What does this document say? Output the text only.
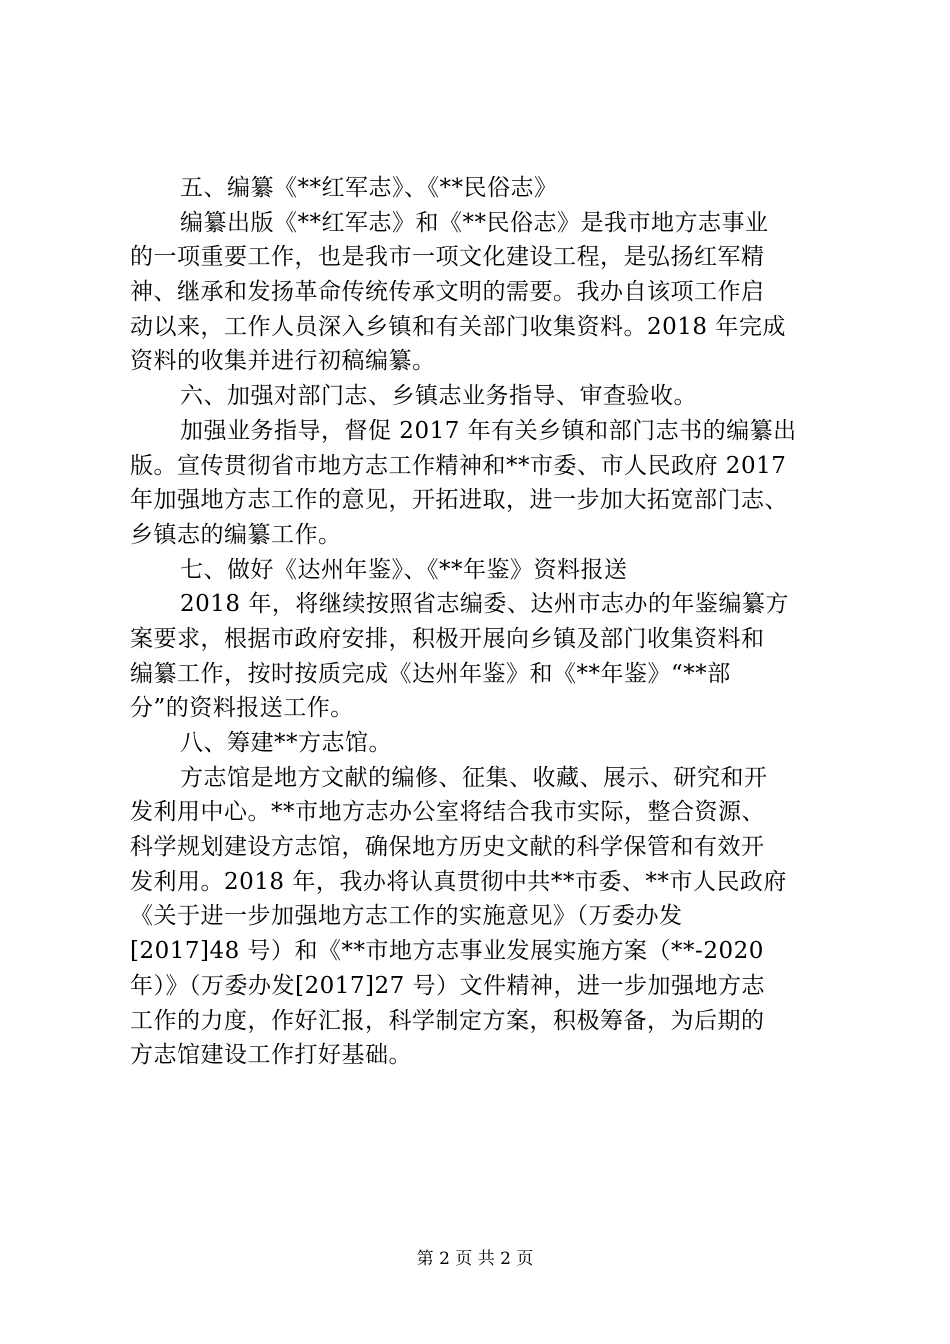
五、编纂《**红军志》、《**民俗志》
编纂出版《**红军志》和《**民俗志》是我市地方志事业
的一项重要工作，也是我市一项文化建设工程，是弘扬红军精
神、继承和发扬革命传统传承文明的需要。我办自该项工作启
动以来，工作人员深入乡镇和有关部门收集资料。2018 年完成
资料的收集并进行初稿编纂。
六、加强对部门志、乡镇志业务指导、审查验收。
加强业务指导，督促 2017 年有关乡镇和部门志书的编纂出
版。宣传贯彻省市地方志工作精神和**市委、市人民政府 2017
年加强地方志工作的意见，开拓进取，进一步加大拓宽部门志、
乡镇志的编纂工作。
七、做好《达州年鉴》、《**年鉴》资料报送
2018 年，将继续按照省志编委、达州市志办的年鉴编纂方
案要求，根据市政府安排，积极开展向乡镇及部门收集资料和
编纂工作，按时按质完成《达州年鉴》和《**年鉴》“**部
分”的资料报送工作。
八、筹建**方志馆。
方志馆是地方文献的编修、征集、收藏、展示、研究和开
发利用中心。**市地方志办公室将结合我市实际，整合资源、
科学规划建设方志馆，确保地方历史文献的科学保管和有效开
发利用。2018 年，我办将认真贯彻中共**市委、**市人民政府
《关于进一步加强地方志工作的实施意见》（万委办发
[2017]48 号）和《**市地方志事业发展实施方案（**-2020
年）》（万委办发[2017]27 号）文件精神，进一步加强地方志
工作的力度，作好汇报，科学制定方案，积极筹备，为后期的
方志馆建设工作打好基础。
第 2 页 共 2 页
